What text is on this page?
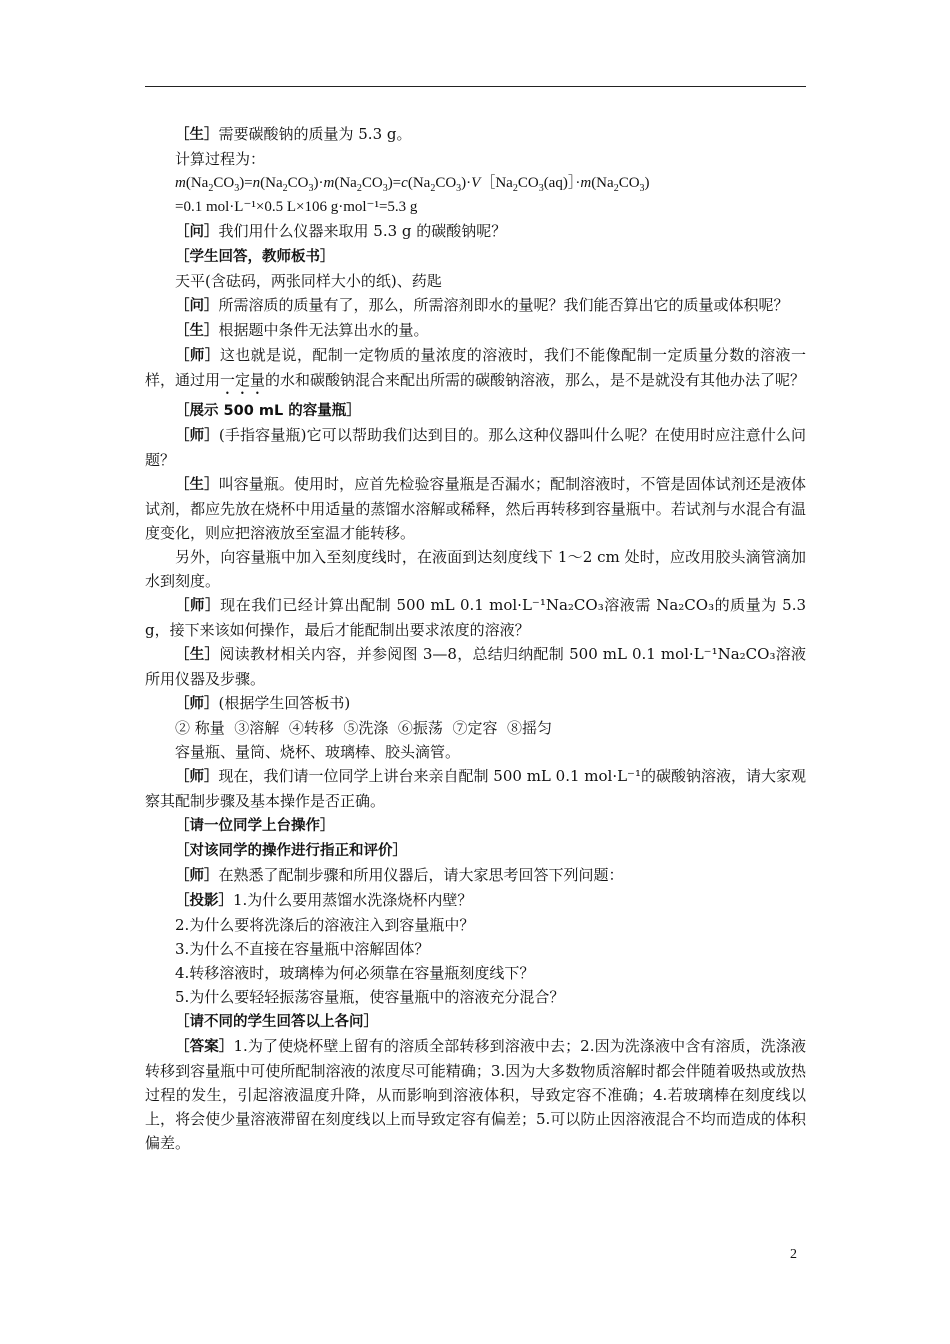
［生］需要碳酸钠的质量为 5.3 g。

计算过程为：

$m(Na_2CO_3)=n(Na_2CO_3)\cdot m(Na_2CO_3)=c(Na_2CO_3)\cdot V[Na_2CO_3(aq)]\cdot m(Na_2CO_3)$

=0.1 mol·L⁻¹×0.5 L×106 g·mol⁻¹=5.3 g

［问］我们用什么仪器来取用 5.3 g 的碳酸钠呢？

［学生回答，教师板书］

天平(含砝码，两张同样大小的纸)、药匙

［问］所需溶质的质量有了，那么，所需溶剂即水的量呢？我们能否算出它的质量或体积呢？

［生］根据题中条件无法算出水的量。

［师］这也就是说，配制一定物质的量浓度的溶液时，我们不能像配制一定质量分数的溶液一样，通过用一定量的水和碳酸钠混合来配出所需的碳酸钠溶液，那么，是不是就没有其他办法了呢？

［展示 500 mL 的容量瓶］

［师］(手指容量瓶)它可以帮助我们达到目的。那么这种仪器叫什么呢？在使用时应注意什么问题？

［生］叫容量瓶。使用时，应首先检验容量瓶是否漏水；配制溶液时，不管是固体试剂还是液体试剂，都应先放在烧杯中用适量的蒸馏水溶解或稀释，然后再转移到容量瓶中。若试剂与水混合有温度变化，则应把溶液放至室温才能转移。

另外，向容量瓶中加入至刻度线时，在液面到达刻度线下 1～2 cm 处时，应改用胶头滴管滴加水到刻度。

［师］现在我们已经计算出配制 500 mL 0.1 mol·L⁻¹Na₂CO₃溶液需 Na₂CO₃的质量为 5.3 g，接下来该如何操作，最后才能配制出要求浓度的溶液？

［生］阅读教材相关内容，并参阅图 3—8，总结归纳配制 500 mL 0.1 mol·L⁻¹Na₂CO₃溶液所用仪器及步骤。

［师］(根据学生回答板书)

② 称量  ③溶解  ④转移  ⑤洗涤  ⑥振荡  ⑦定容  ⑧摇匀

容量瓶、量筒、烧杯、玻璃棒、胶头滴管。

［师］现在，我们请一位同学上讲台来亲自配制 500 mL 0.1 mol·L⁻¹的碳酸钠溶液，请大家观察其配制步骤及基本操作是否正确。

［请一位同学上台操作］

［对该同学的操作进行指正和评价］

［师］在熟悉了配制步骤和所用仪器后，请大家思考回答下列问题：

［投影］1.为什么要用蒸馏水洗涤烧杯内壁？

2.为什么要将洗涤后的溶液注入到容量瓶中？

3.为什么不直接在容量瓶中溶解固体？

4.转移溶液时，玻璃棒为何必须靠在容量瓶刻度线下？

5.为什么要轻轻振荡容量瓶，使容量瓶中的溶液充分混合？

［请不同的学生回答以上各问］

［答案］1.为了使烧杯壁上留有的溶质全部转移到溶液中去；2.因为洗涤液中含有溶质，洗涤液转移到容量瓶中可使所配制溶液的浓度尽可能精确；3.因为大多数物质溶解时都会伴随着吸热或放热过程的发生，引起溶液温度升降，从而影响到溶液体积，导致定容不准确；4.若玻璃棒在刻度线以上，将会使少量溶液滞留在刻度线以上而导致定容有偏差；5.可以防止因溶液混合不均而造成的体积偏差。

2
